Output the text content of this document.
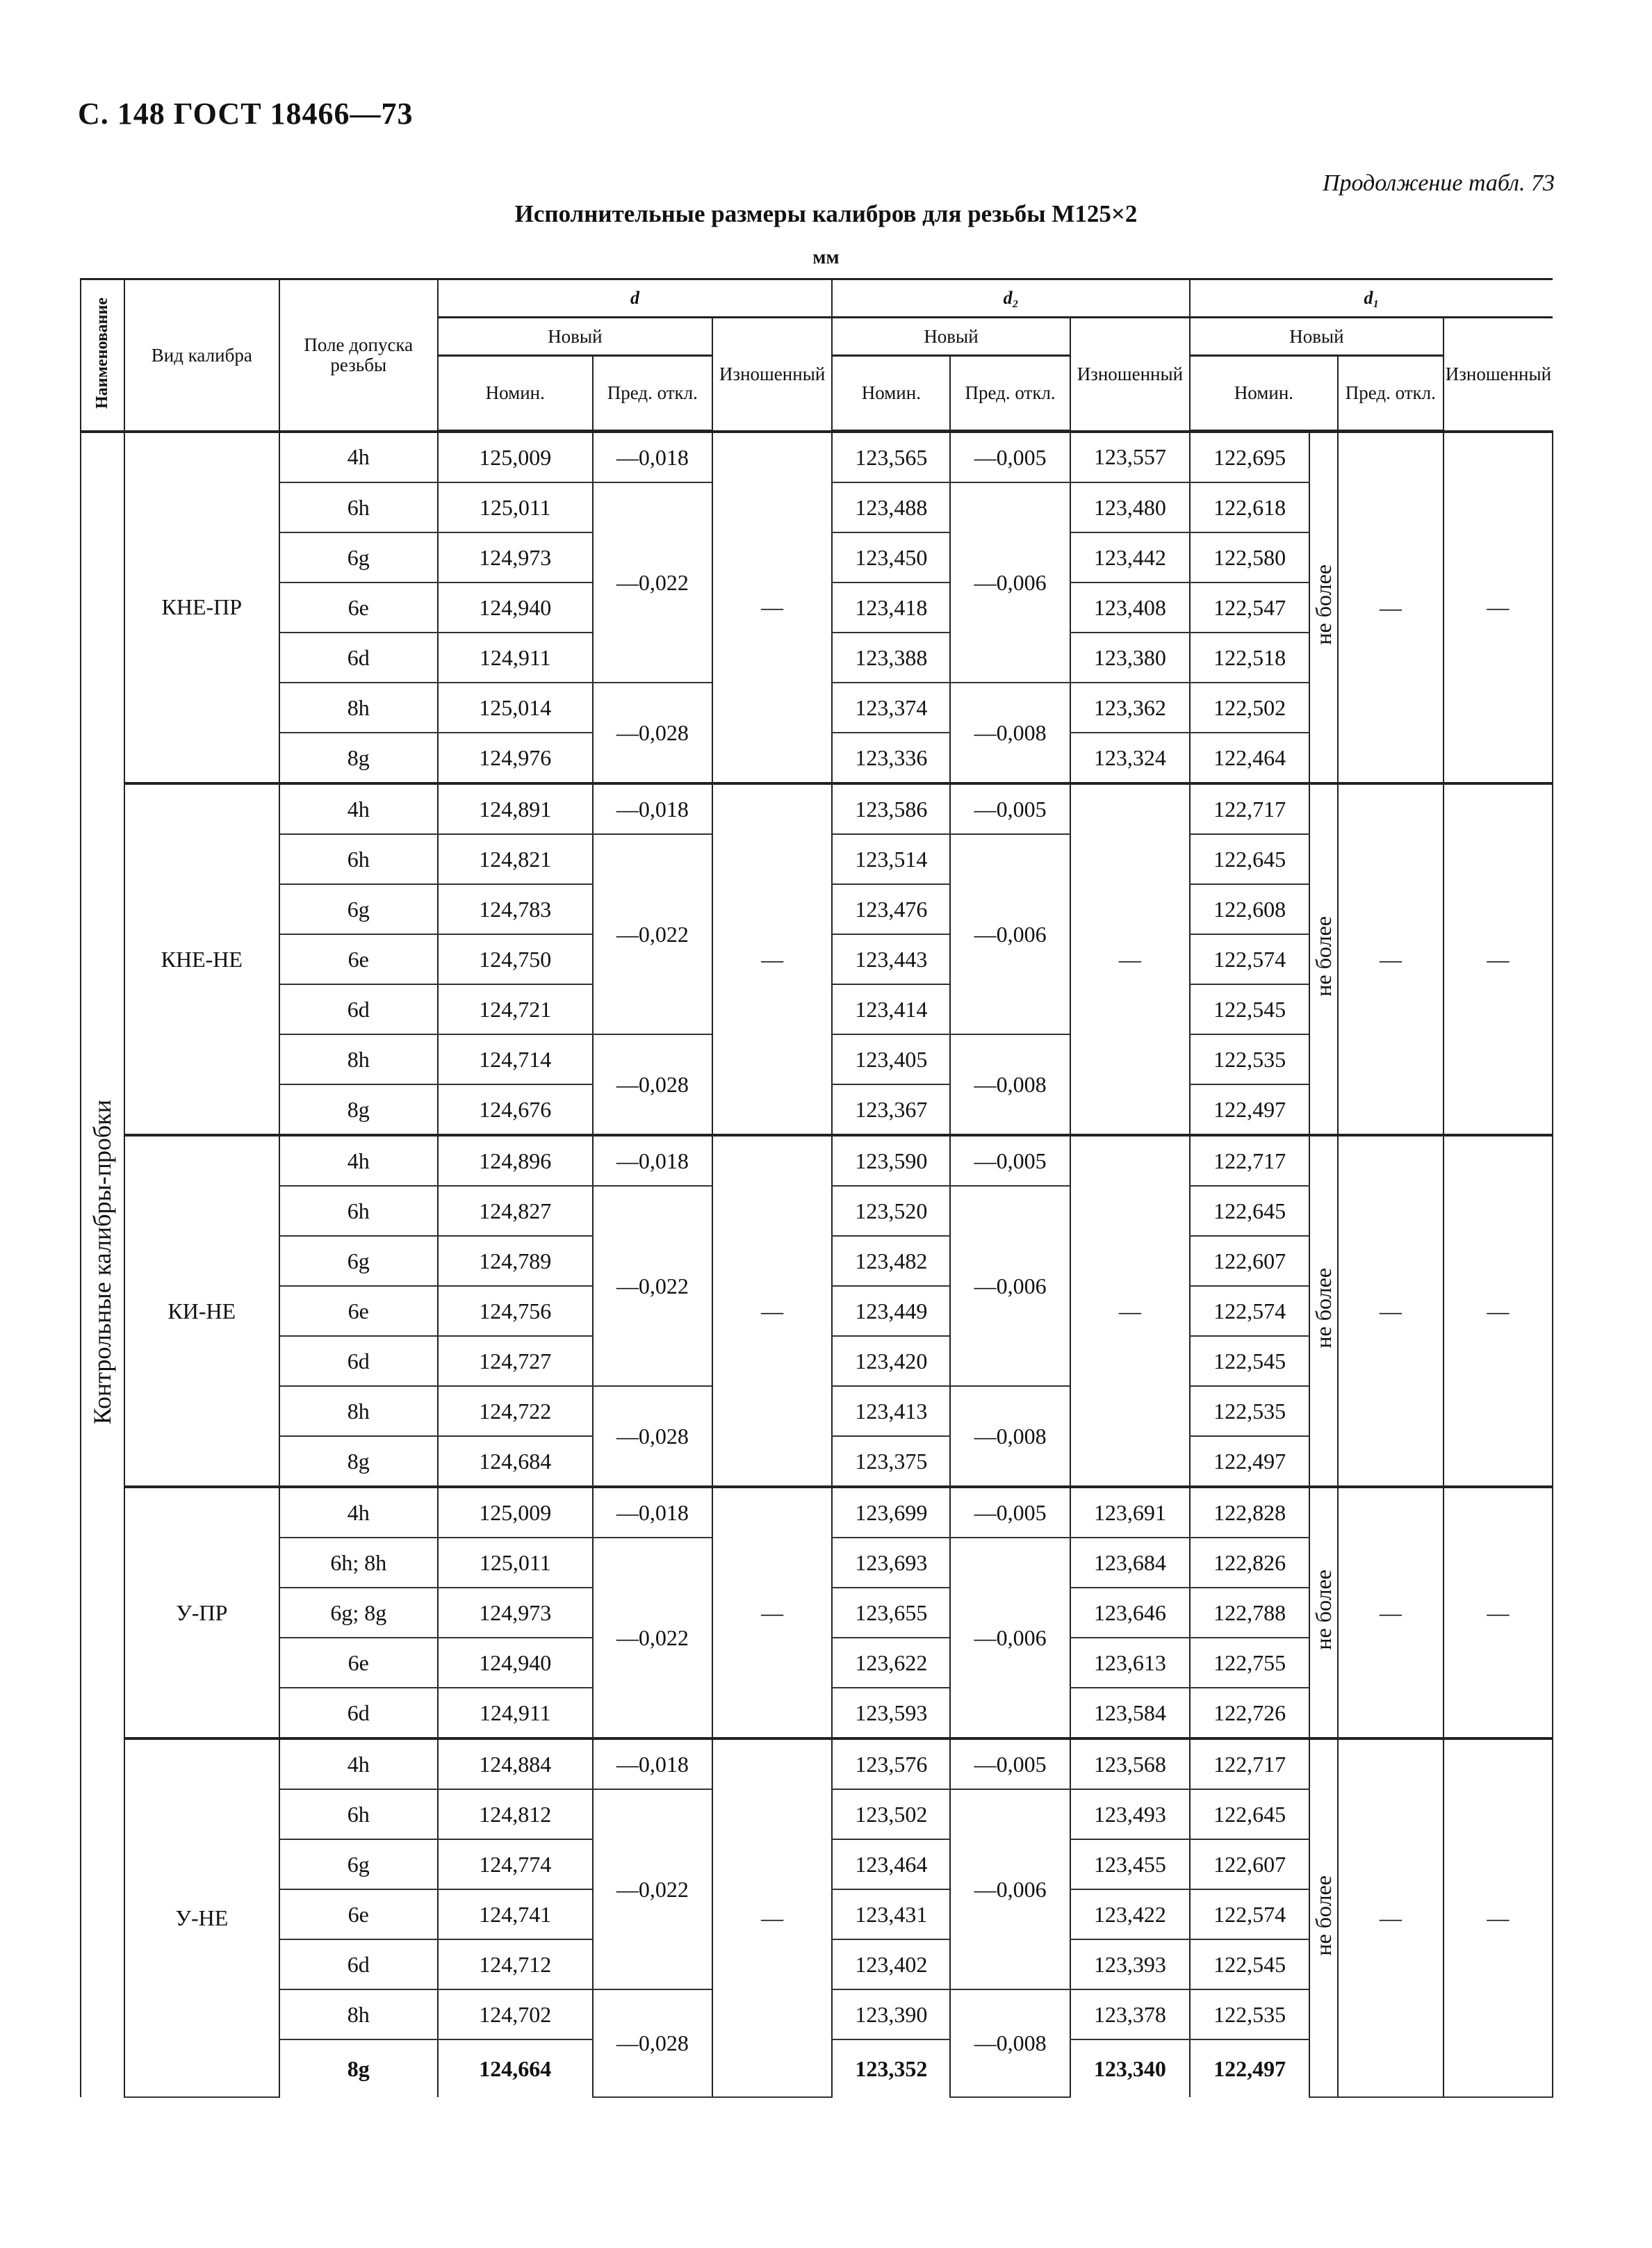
С. 148 ГОСТ 18466—73
Продолжение табл. 73
Исполнительные размеры калибров для резьбы M125×2
мм
Наименование	Вид калибра	Поле допуска резьбы	d			d₂			d₁			
			Новый		Изношенный	Новый		Изношенный	Новый			Изношенный
			Номин.	Пред. откл.		Номин.	Пред. откл.		Номин.		Пред. откл.	
Контрольные калибры-пробки	КНЕ-ПР	4h	125,009	—0,018	—	123,565	—0,005	123,557	122,695	не более	—	—
		6h	125,011	—0,022		123,488	—0,006	123,480	122,618			
		6g	124,973			123,450		123,442	122,580			
		6e	124,940			123,418		123,408	122,547			
		6d	124,911			123,388		123,380	122,518			
		8h	125,014	—0,028		123,374	—0,008	123,362	122,502			
		8g	124,976			123,336		123,324	122,464			
	КНЕ-НЕ	4h	124,891	—0,018	—	123,586	—0,005	—	122,717	не более	—	—
		6h	124,821	—0,022		123,514	—0,006		122,645			
		6g	124,783			123,476			122,608			
		6e	124,750			123,443			122,574			
		6d	124,721			123,414			122,545			
		8h	124,714	—0,028		123,405	—0,008		122,535			
		8g	124,676			123,367			122,497			
	КИ-НЕ	4h	124,896	—0,018	—	123,590	—0,005	—	122,717	не более	—	—
		6h	124,827	—0,022		123,520	—0,006		122,645			
		6g	124,789			123,482			122,607			
		6e	124,756			123,449			122,574			
		6d	124,727			123,420			122,545			
		8h	124,722	—0,028		123,413	—0,008		122,535			
		8g	124,684			123,375			122,497			
	У-ПР	4h	125,009	—0,018	—	123,699	—0,005	123,691	122,828	не более	—	—
		6h; 8h	125,011	—0,022		123,693	—0,006	123,684	122,826			
		6g; 8g	124,973			123,655		123,646	122,788			
		6e	124,940			123,622		123,613	122,755			
		6d	124,911			123,593		123,584	122,726			
	У-НЕ	4h	124,884	—0,018	—	123,576	—0,005	123,568	122,717	не более	—	—
		6h	124,812	—0,022		123,502	—0,006	123,493	122,645			
		6g	124,774			123,464		123,455	122,607			
		6e	124,741			123,431		123,422	122,574			
		6d	124,712			123,402		123,393	122,545			
		8h	124,702	—0,028		123,390	—0,008	123,378	122,535			
		8g	124,664			123,352		123,340	122,497			
